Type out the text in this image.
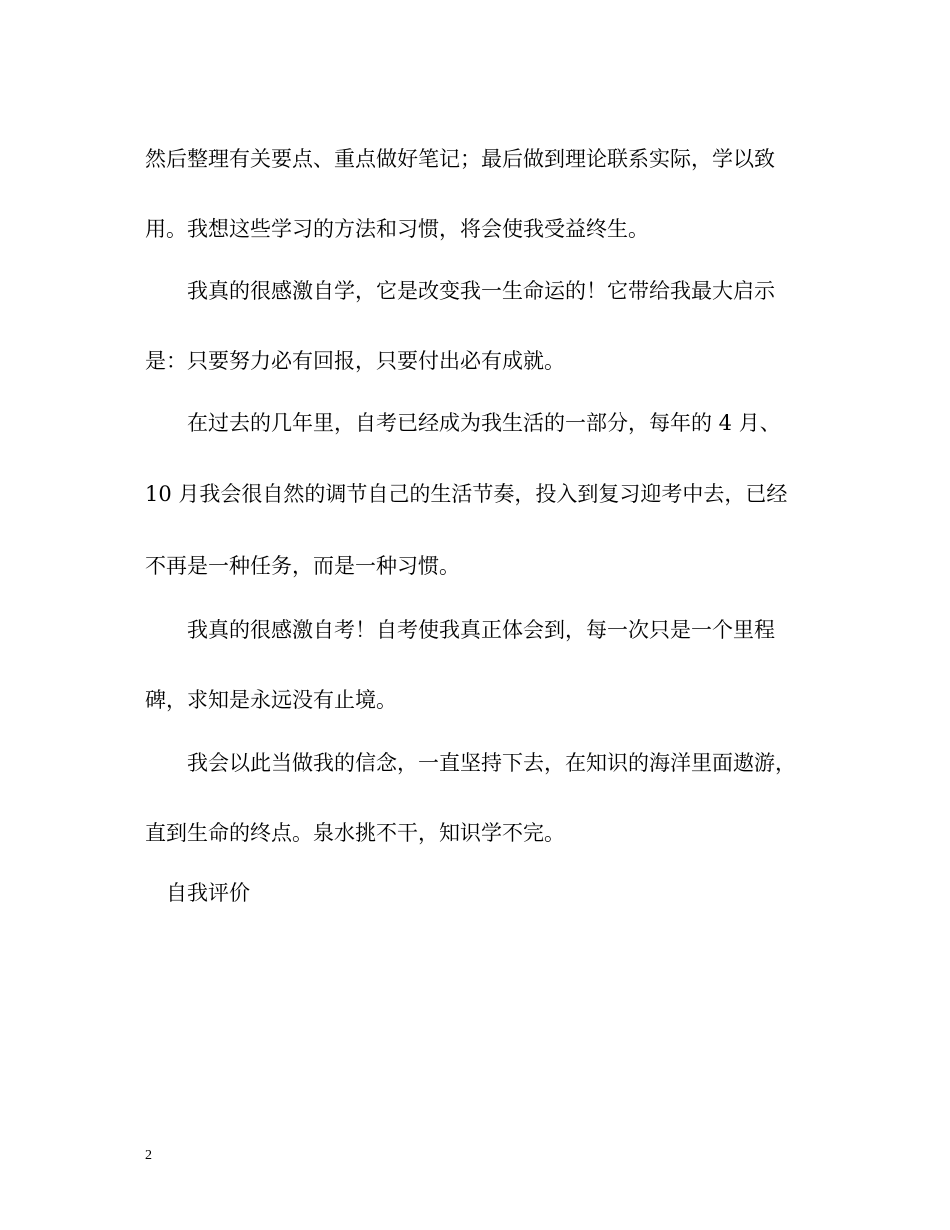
然后整理有关要点、重点做好笔记；最后做到理论联系实际，学以致
用。我想这些学习的方法和习惯，将会使我受益终生。
我真的很感激自学，它是改变我一生命运的！它带给我最大启示
是：只要努力必有回报，只要付出必有成就。
在过去的几年里，自考已经成为我生活的一部分，每年的 4 月、
10 月我会很自然的调节自己的生活节奏，投入到复习迎考中去，已经
不再是一种任务，而是一种习惯。
我真的很感激自考！自考使我真正体会到，每一次只是一个里程
碑，求知是永远没有止境。
我会以此当做我的信念，一直坚持下去，在知识的海洋里面遨游，
直到生命的终点。泉水挑不干，知识学不完。
自我评价
2
